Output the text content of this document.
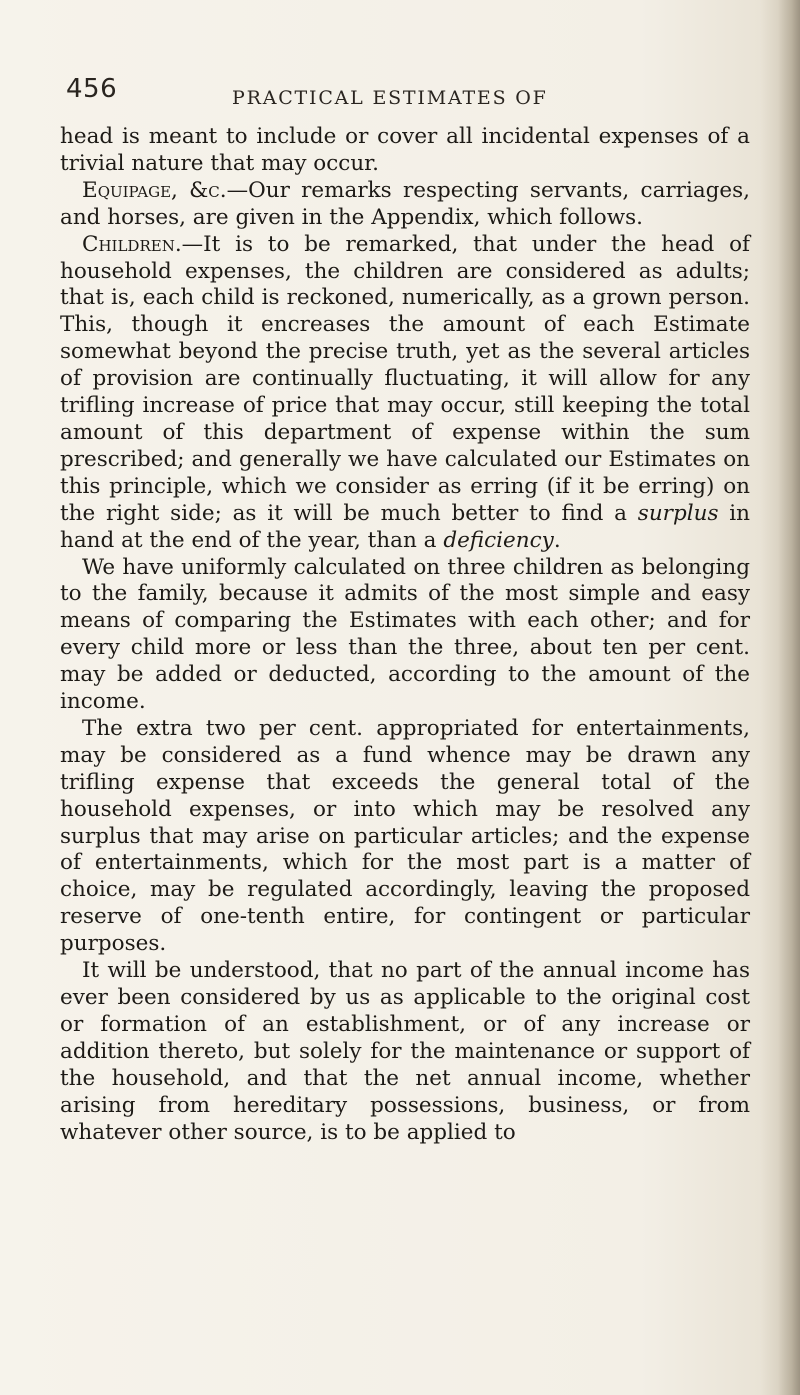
456	PRACTICAL ESTIMATES OF

head is meant to include or cover all incidental expenses of a trivial nature that may occur.

Equipage, &c.—Our remarks respecting servants, carriages, and horses, are given in the Appendix, which follows.

Children.—It is to be remarked, that under the head of household expenses, the children are considered as adults; that is, each child is reckoned, numerically, as a grown person. This, though it encreases the amount of each Estimate somewhat beyond the precise truth, yet as the several articles of provision are continually fluctuating, it will allow for any trifling increase of price that may occur, still keeping the total amount of this department of expense within the sum prescribed; and generally we have calculated our Estimates on this principle, which we consider as erring (if it be erring) on the right side; as it will be much better to find a surplus in hand at the end of the year, than a deficiency.

We have uniformly calculated on three children as belonging to the family, because it admits of the most simple and easy means of comparing the Estimates with each other; and for every child more or less than the three, about ten per cent. may be added or deducted, according to the amount of the income.

The extra two per cent. appropriated for entertainments, may be considered as a fund whence may be drawn any trifling expense that exceeds the general total of the household expenses, or into which may be resolved any surplus that may arise on particular articles; and the expense of entertainments, which for the most part is a matter of choice, may be regulated accordingly, leaving the proposed reserve of one-tenth entire, for contingent or particular purposes.

It will be understood, that no part of the annual income has ever been considered by us as applicable to the original cost or formation of an establishment, or of any increase or addition thereto, but solely for the maintenance or support of the household, and that the net annual income, whether arising from hereditary possessions, business, or from whatever other source, is to be applied to
